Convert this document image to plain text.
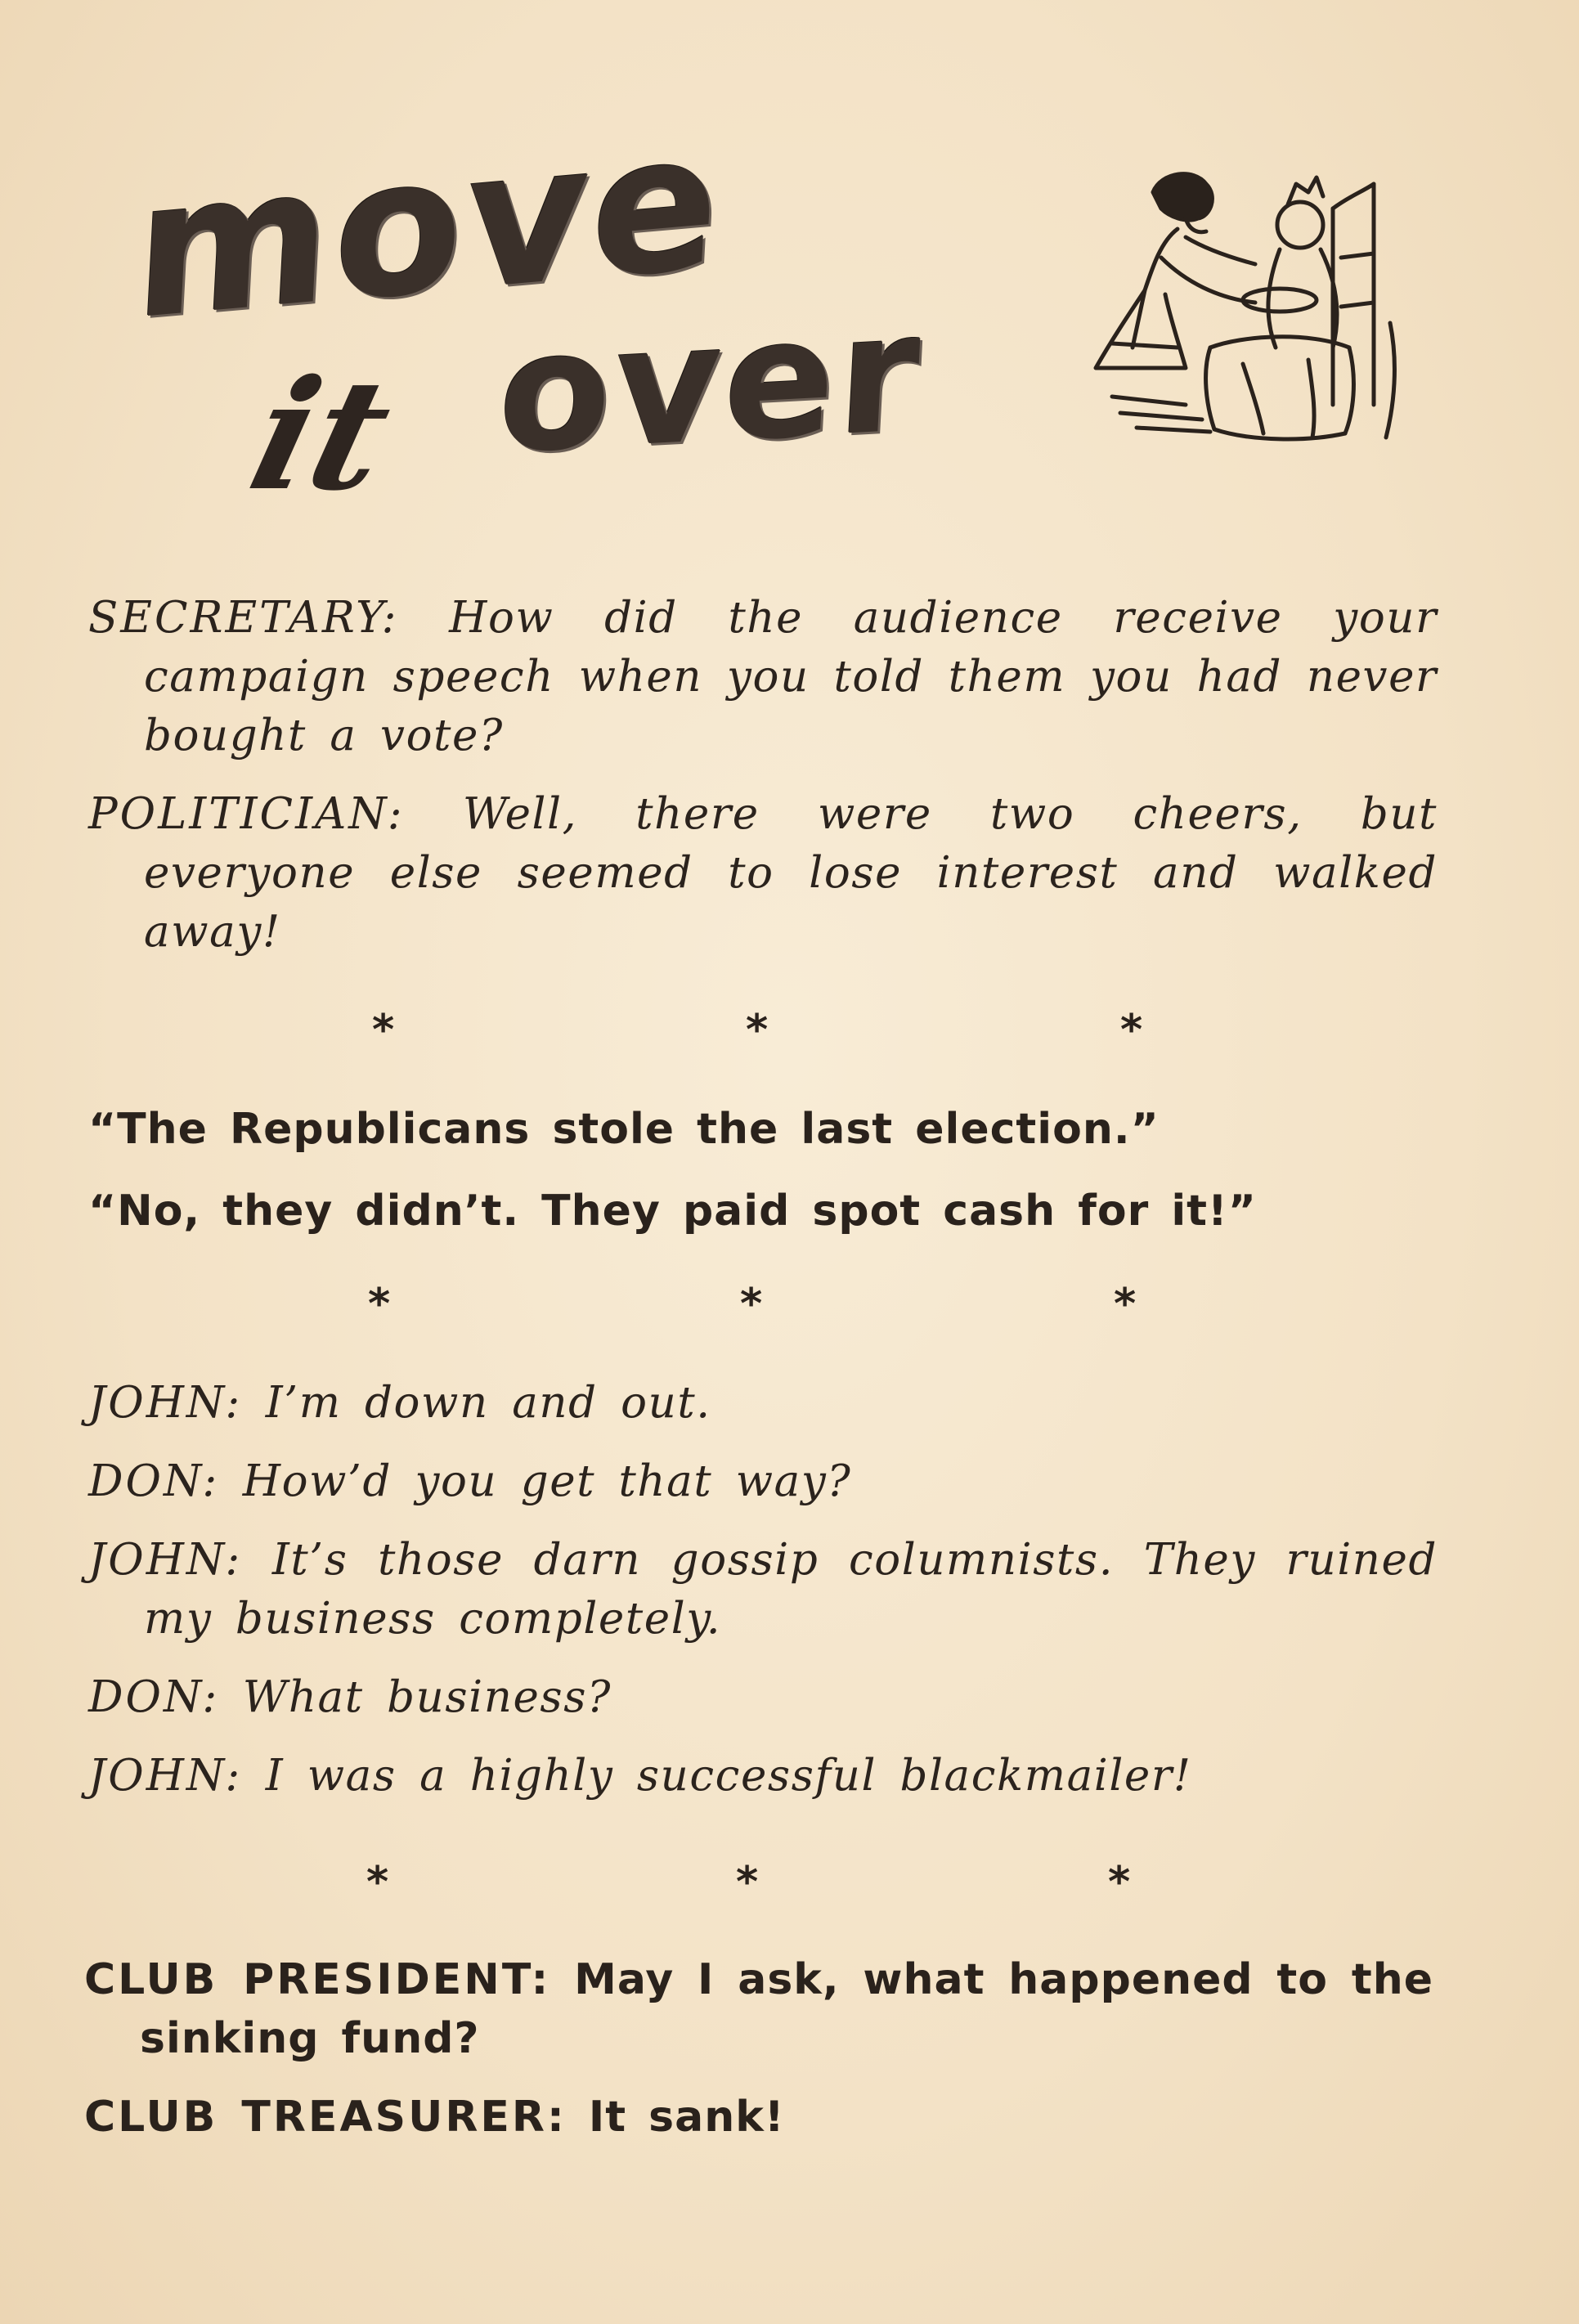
move
it over

SECRETARY: How did the audience receive your campaign speech when you told them you had never bought a vote?

POLITICIAN: Well, there were two cheers, but everyone else seemed to lose interest and walked away!

*	*	*

“The Republicans stole the last election.”

“No, they didn’t. They paid spot cash for it!”

*	*	*

JOHN: I’m down and out.

DON: How’d you get that way?

JOHN: It’s those darn gossip columnists. They ruined my business completely.

DON: What business?

JOHN: I was a highly successful blackmailer!

*	*	*

CLUB PRESIDENT: May I ask, what happened to the sinking fund?

CLUB TREASURER: It sank!
